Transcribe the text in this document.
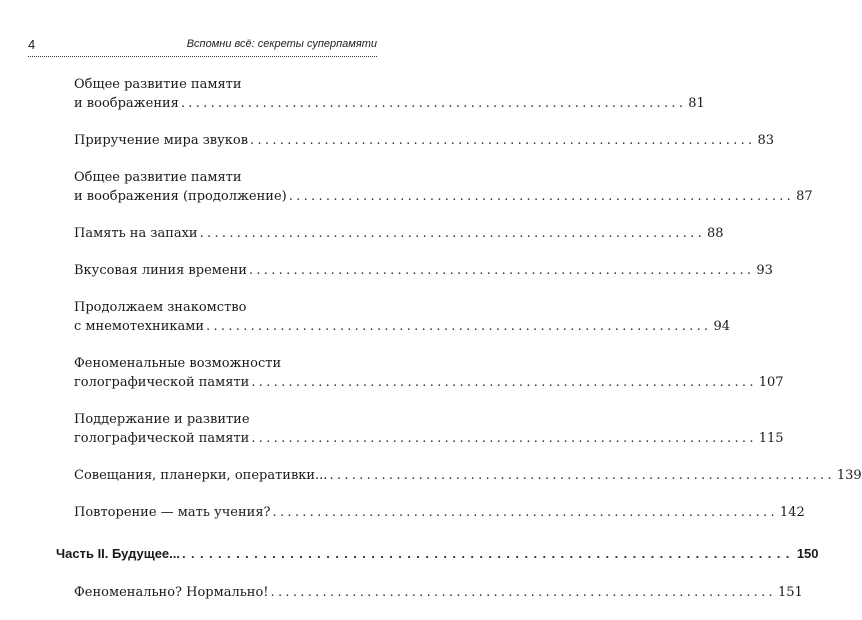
4	Вспомни всё: секреты суперпамяти
Общее развитие памяти
и воображения .................................................................... 81
Приручение мира звуков .................................................................... 83
Общее развитие памяти
и воображения (продолжение) .................................................................... 87
Память на запахи .................................................................... 88
Вкусовая линия времени .................................................................... 93
Продолжаем знакомство
с мнемотехниками .................................................................... 94
Феноменальные возможности
голографической памяти .................................................................... 107
Поддержание и развитие
голографической памяти .................................................................... 115
Совещания, планерки, оперативки... .................................................................... 139
Повторение — мать учения? .................................................................... 142
Часть II. Будущее... .................................................................... 150
Феноменально? Нормально! .................................................................... 151
